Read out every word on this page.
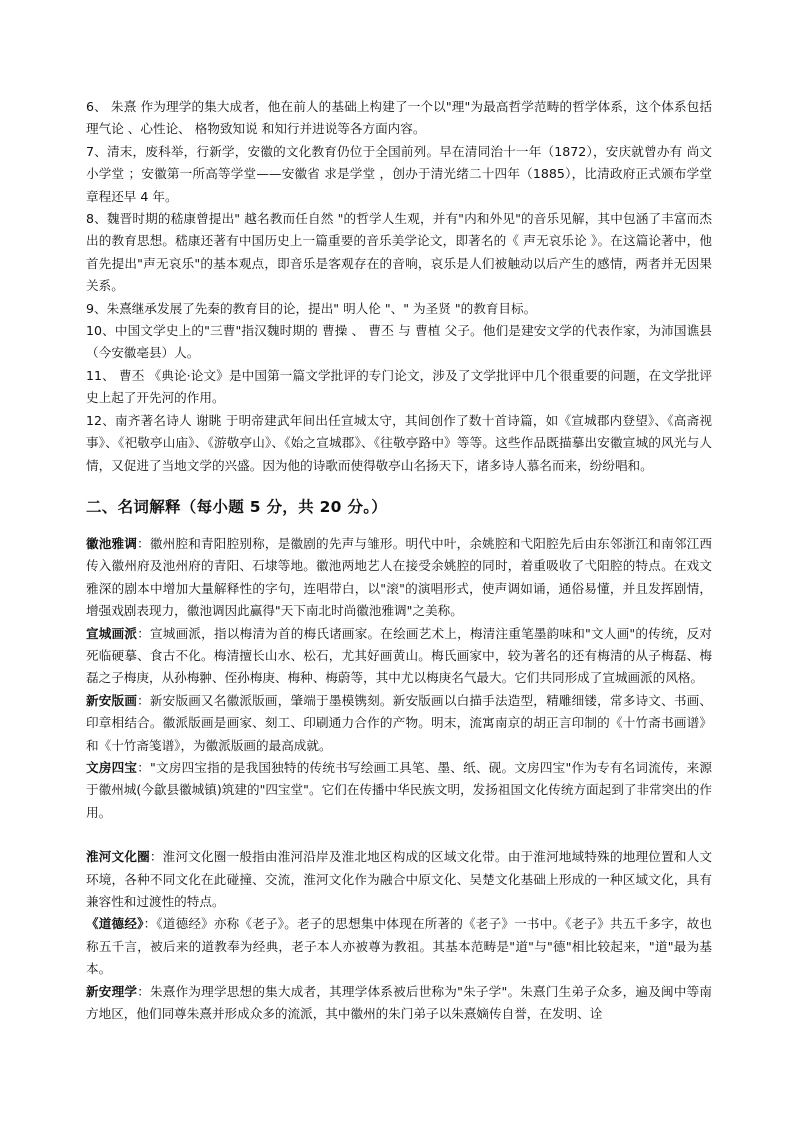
6、 朱熹 作为理学的集大成者，他在前人的基础上构建了一个以"理"为最高哲学范畴的哲学体系，这个体系包括 理气论 、心性论、 格物致知说 和知行并进说等各方面内容。

7、清末，废科举，行新学，安徽的文化教育仍位于全国前列。早在清同治十一年（1872），安庆就曾办有 尚文小学堂 ；安徽第一所高等学堂——安徽省 求是学堂 ，创办于清光绪二十四年（1885），比清政府正式颁布学堂章程还早 4 年。

8、魏晋时期的嵇康曾提出" 越名教而任自然 "的哲学人生观，并有"内和外见"的音乐见解，其中包涵了丰富而杰出的教育思想。嵇康还著有中国历史上一篇重要的音乐美学论文，即著名的《 声无哀乐论 》。在这篇论著中，他首先提出"声无哀乐"的基本观点，即音乐是客观存在的音响，哀乐是人们被触动以后产生的感情，两者并无因果关系。

9、朱熹继承发展了先秦的教育目的论，提出" 明人伦 "、" 为圣贤 "的教育目标。

10、中国文学史上的"三曹"指汉魏时期的 曹操 、 曹丕 与 曹植 父子。他们是建安文学的代表作家，为沛国谯县（今安徽亳县）人。

11、 曹丕 《典论·论文》是中国第一篇文学批评的专门论文，涉及了文学批评中几个很重要的问题，在文学批评史上起了开先河的作用。

12、南齐著名诗人 谢眺 于明帝建武年间出任宣城太守，其间创作了数十首诗篇，如《宣城郡内登望》、《高斋视事》、《祀敬亭山庙》、《游敬亭山》、《始之宣城郡》、《往敬亭路中》等等。这些作品既描摹出安徽宣城的风光与人情，又促进了当地文学的兴盛。因为他的诗歌而使得敬亭山名扬天下，诸多诗人慕名而来，纷纷唱和。

二、名词解释（每小题 5 分，共 20 分。）

徽池雅调：徽州腔和青阳腔别称，是徽剧的先声与雏形。明代中叶，余姚腔和弋阳腔先后由东邻浙江和南邻江西传入徽州府及池州府的青阳、石埭等地。徽池两地艺人在接受余姚腔的同时，着重吸收了弋阳腔的特点。在戏文雅深的剧本中增加大量解释性的字句，连唱带白，以"滚"的演唱形式，使声调如诵，通俗易懂，并且发挥剧情，增强戏剧表现力，徽池调因此赢得"天下南北时尚徽池雅调"之美称。

宣城画派：宣城画派，指以梅清为首的梅氏诸画家。在绘画艺术上，梅清注重笔墨韵味和"文人画"的传统，反对死临硬摹、食古不化。梅清擅长山水、松石，尤其好画黄山。梅氏画家中，较为著名的还有梅清的从子梅磊、梅磊之子梅庚，从孙梅翀、侄孙梅庚、梅种、梅蔚等，其中尤以梅庚名气最大。它们共同形成了宣城画派的风格。

新安版画：新安版画又名徽派版画，肇端于墨模镌刻。新安版画以白描手法造型，精雕细镂，常多诗文、书画、印章相结合。徽派版画是画家、刻工、印刷通力合作的产物。明末，流寓南京的胡正言印制的《十竹斋书画谱》和《十竹斋笺谱》，为徽派版画的最高成就。

文房四宝："文房四宝指的是我国独特的传统书写绘画工具笔、墨、纸、砚。文房四宝"作为专有名词流传，来源于徽州城(今歙县徽城镇)筑建的"四宝堂"。它们在传播中华民族文明，发扬祖国文化传统方面起到了非常突出的作用。

淮河文化圈：淮河文化圈一般指由淮河沿岸及淮北地区构成的区域文化带。由于淮河地域特殊的地理位置和人文环境，各种不同文化在此碰撞、交流，淮河文化作为融合中原文化、吴楚文化基础上形成的一种区域文化，具有兼容性和过渡性的特点。

《道德经》：《道德经》亦称《老子》。老子的思想集中体现在所著的《老子》一书中。《老子》共五千多字，故也称五千言，被后来的道教奉为经典，老子本人亦被尊为教祖。其基本范畴是"道"与"德"相比较起来，"道"最为基本。

新安理学：朱熹作为理学思想的集大成者，其理学体系被后世称为"朱子学"。朱熹门生弟子众多，遍及闽中等南方地区，他们同尊朱熹并形成众多的流派，其中徽州的朱门弟子以朱熹嫡传自誉，在发明、诠
